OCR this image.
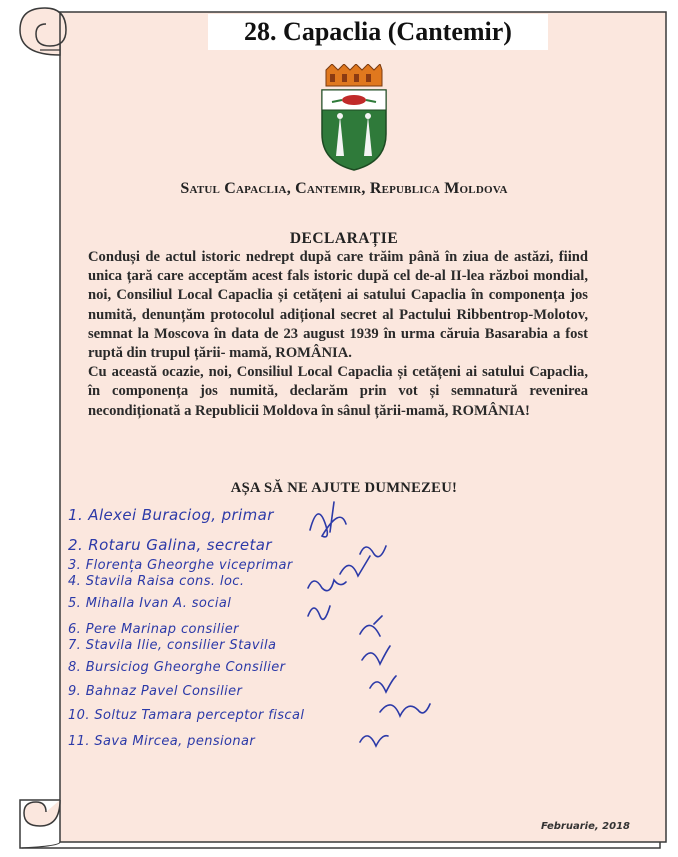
28. Capaclia (Cantemir)
Satul Capaclia, Cantemir, Republica Moldova
DECLARAȚIE

Conduși de actul istoric nedrept după care trăim până în ziua de astăzi, fiind unica țară care acceptăm acest fals istoric după cel de-al II-lea război mondial, noi, Consiliul Local Capaclia și cetățeni ai satului Capaclia în componența jos numită, denunțăm protocolul adițional secret al Pactului Ribbentrop-Molotov, semnat la Moscova în data de 23 august 1939 în urma căruia Basarabia a fost ruptă din trupul țării- mamă, ROMÂNIA.

Cu această ocazie, noi, Consiliul Local Capaclia și cetățeni ai satului Capaclia, în componența jos numită, declarăm prin vot și semnatură revenirea necondiționată a Republicii Moldova în sânul țării-mamă, ROMÂNIA!

AȘA SĂ NE AJUTE DUMNEZEU!
1. Alexei Buraciog, primar
2. Rotaru Galina, secretar
3. Florența Gheorghe viceprimar
4. Stavila Raisa cons. loc.
5. Mihalla Ivan A. social
6. Pere Marinap consilier
7. Stavila Ilie, consilier Stavila
8. Bursiciog Gheorghe Consilier
9. Bahnaz Pavel Consilier
10. Soltuz Tamara perceptor fiscal
11. Sava Mircea, pensionar
Februarie, 2018
